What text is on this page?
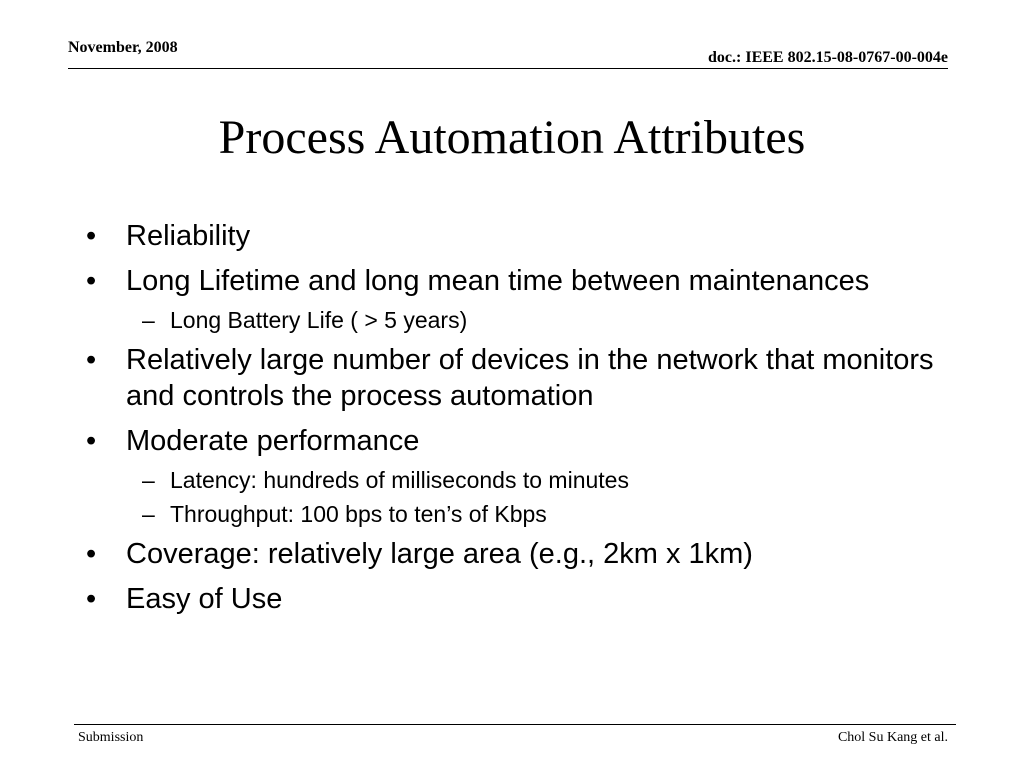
November, 2008
doc.: IEEE 802.15-08-0767-00-004e
Process Automation Attributes
• Reliability
• Long Lifetime and long mean time between maintenances
– Long Battery Life ( > 5 years)
• Relatively large number of devices in the network that monitors and controls the process automation
• Moderate performance
– Latency: hundreds of milliseconds to minutes
– Throughput: 100 bps to ten’s of Kbps
• Coverage: relatively large area (e.g., 2km x 1km)
• Easy of Use
Submission	Chol Su Kang et al.
